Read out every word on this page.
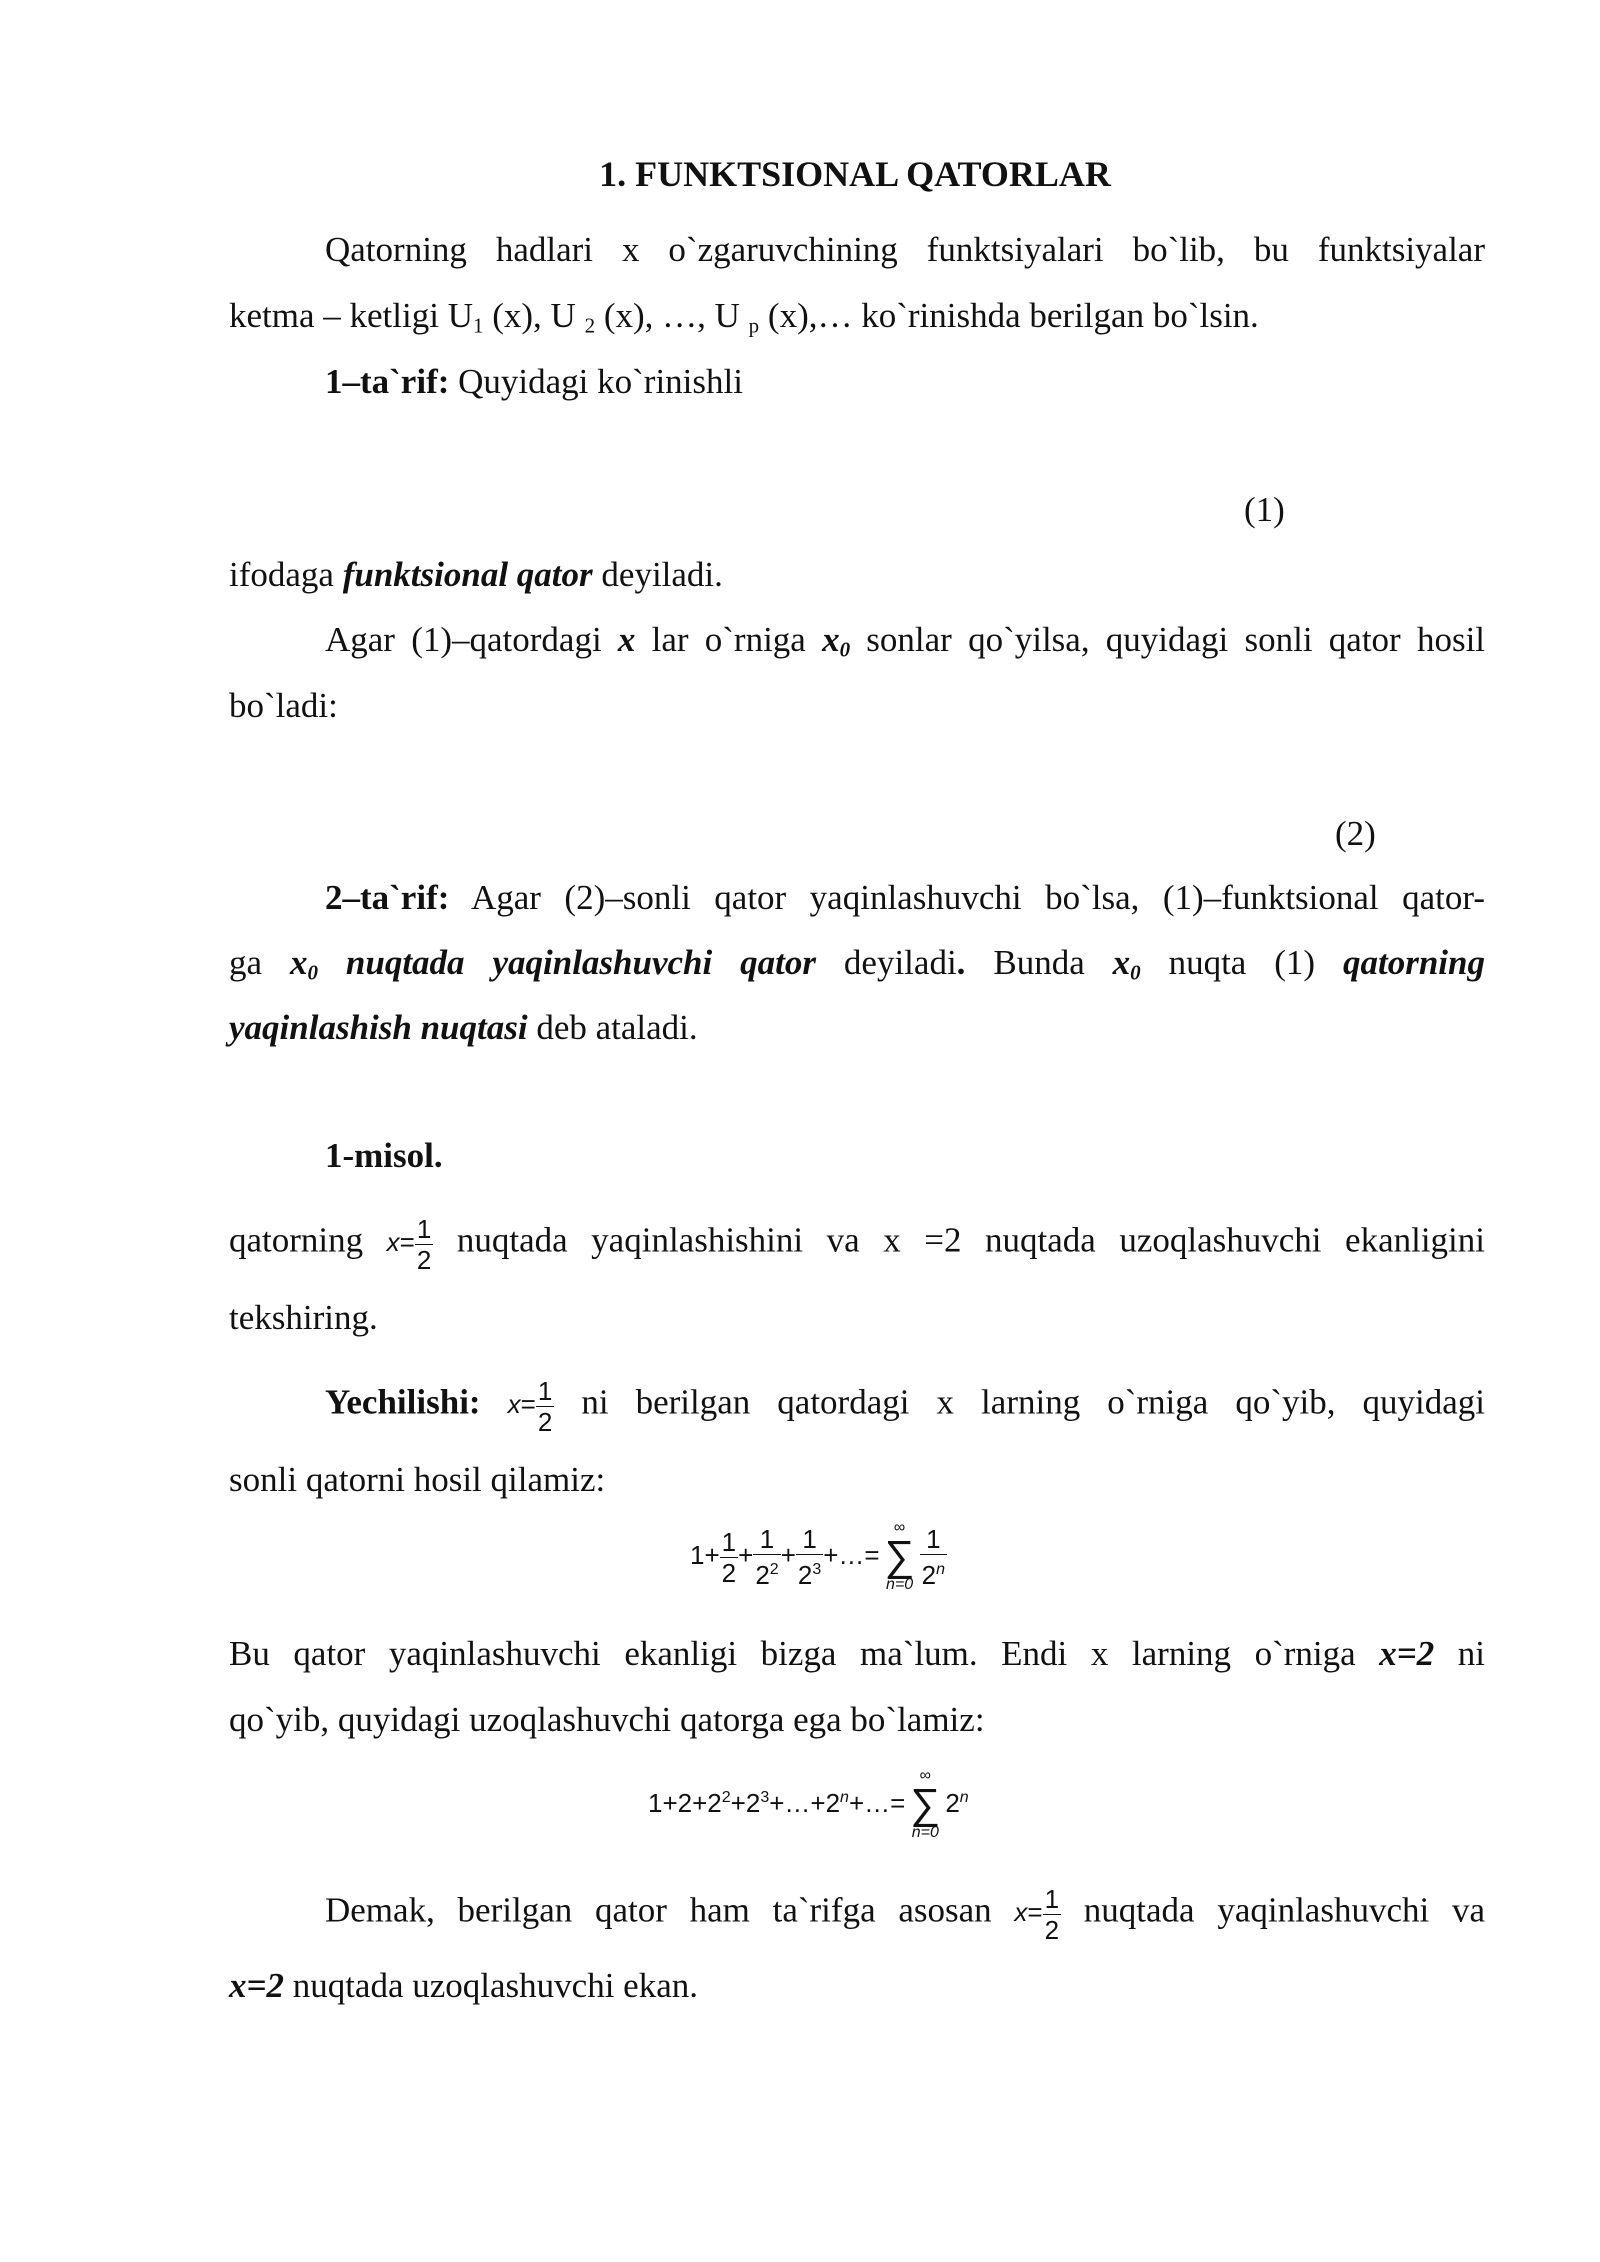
1. FUNKTSIONAL QATORLAR
Qatorning hadlari x o`zgaruvchining funktsiyalari bo`lib, bu funktsiyalar
ketma – ketligi $U_1$ (x), U $_2$ (x), …, U $_p$ (x),… ko`rinishda berilgan bo`lsin.
1–ta`rif: Quyidagi ko`rinishli
(1)
ifodaga funktsional qator deyiladi.
Agar (1)–qatordagi x lar o`rniga $x_0$ sonlar qo`yilsa, quyidagi sonli qator hosil
bo`ladi:
(2)
2–ta`rif: Agar (2)–sonli qator yaqinlashuvchi bo`lsa, (1)–funktsional qator-
ga $x_0$ nuqtada yaqinlashuvchi qator deyiladi. Bunda $x_0$ nuqta (1) qatorning
yaqinlashish nuqtasi deb ataladi.
1-misol.
qatorning $x= \frac{1}{2}$ nuqtada yaqinlashishini va x =2 nuqtada uzoqlashuvchi ekanligini
tekshiring.
Yechilishi: $x= \frac{1}{2}$ ni berilgan qatordagi x larning o`rniga qo`yib, quyidagi
sonli qatorni hosil qilamiz:
$1+ \frac{1}{2} + \frac{1}{2^2} + \frac{1}{2^3}$ +…=
∞
∑
$n=0 \frac{1}{2^n}$
Bu qator yaqinlashuvchi ekanligi bizga ma`lum. Endi x larning o`rniga x=2 ni
qo`yib, quyidagi uzoqlashuvchi qatorga ega bo`lamiz:
$1+2+2^2+2^3+\dots+2^n+\dots=$
∞
∑
n=0
2$^n$
Demak, berilgan qator ham ta`rifga asosan $x= \frac{1}{2}$ nuqtada yaqinlashuvchi va
x=2 nuqtada uzoqlashuvchi ekan.
